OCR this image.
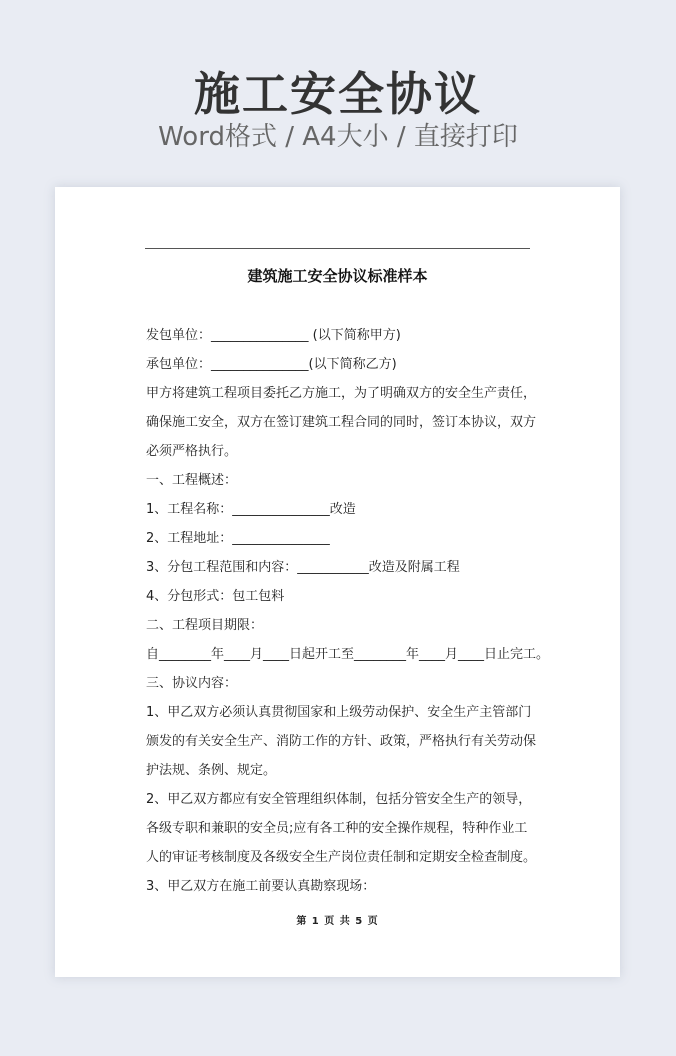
施工安全协议
Word格式 / A4大小 / 直接打印
建筑施工安全协议标准样本
发包单位：_______________ (以下简称甲方)
承包单位：_______________(以下简称乙方)
甲方将建筑工程项目委托乙方施工，为了明确双方的安全生产责任，
确保施工安全，双方在签订建筑工程合同的同时，签订本协议，双方
必须严格执行。
一、工程概述：
1、工程名称：_______________改造
2、工程地址：_______________
3、分包工程范围和内容：___________改造及附属工程
4、分包形式：包工包料
二、工程项目期限：
自________年____月____日起开工至________年____月____日止完工。
三、协议内容：
1、甲乙双方必须认真贯彻国家和上级劳动保护、安全生产主管部门
颁发的有关安全生产、消防工作的方针、政策，严格执行有关劳动保
护法规、条例、规定。
2、甲乙双方都应有安全管理组织体制，包括分管安全生产的领导，
各级专职和兼职的安全员;应有各工种的安全操作规程，特种作业工
人的审证考核制度及各级安全生产岗位责任制和定期安全检查制度。
3、甲乙双方在施工前要认真勘察现场：
第 1 页 共 5 页
